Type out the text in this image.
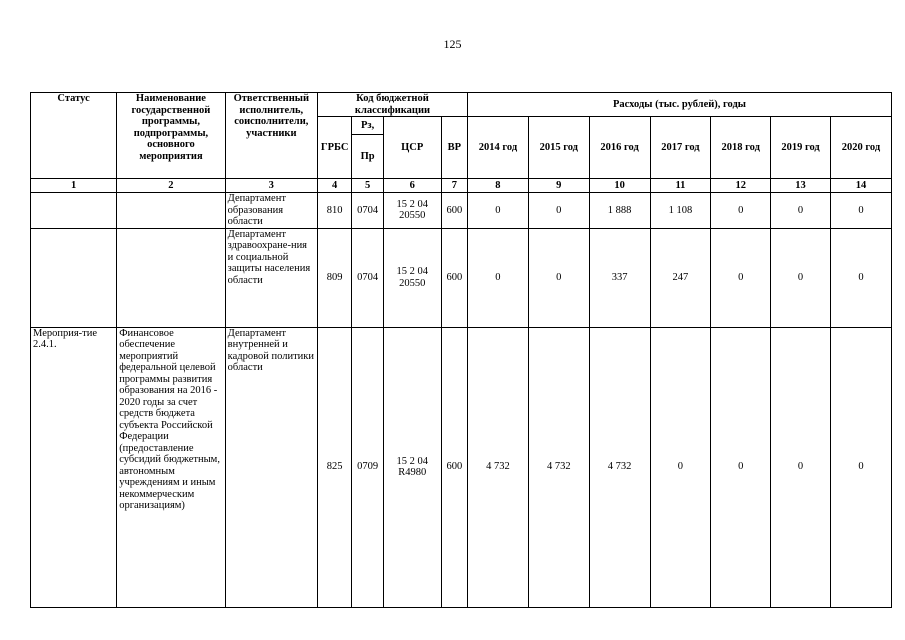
125
Статус	Наименование государственной программы, подпрограммы, основного мероприятия	Ответственный исполнитель, соисполнители, участники	Код бюджетной классификации				Расходы (тыс. рублей), годы						
			ГРБС	Рз,	ЦСР	ВР	2014 год	2015 год	2016 год	2017 год	2018 год	2019 год	2020 год
				Пр									
1	2	3	4	5	6	7	8	9	10	11	12	13	14
		Департамент образования области	810	0704	15 2 04 20550	600	0	0	1 888	1 108	0	0	0
		Департамент здравоохране-ния и социальной защиты населения области	809	0704	15 2 04 20550	600	0	0	337	247	0	0	0
Мероприя-тие 2.4.1.	Финансовое обеспечение мероприятий федеральной целевой программы развития образования на 2016 - 2020 годы за счет средств бюджета субъекта Российской Федерации (предоставление субсидий бюджетным, автономным учреждениям и иным некоммерческим организациям)	Департамент внутренней и кадровой политики области	825	0709	15 2 04 R4980	600	4 732	4 732	4 732	0	0	0	0
